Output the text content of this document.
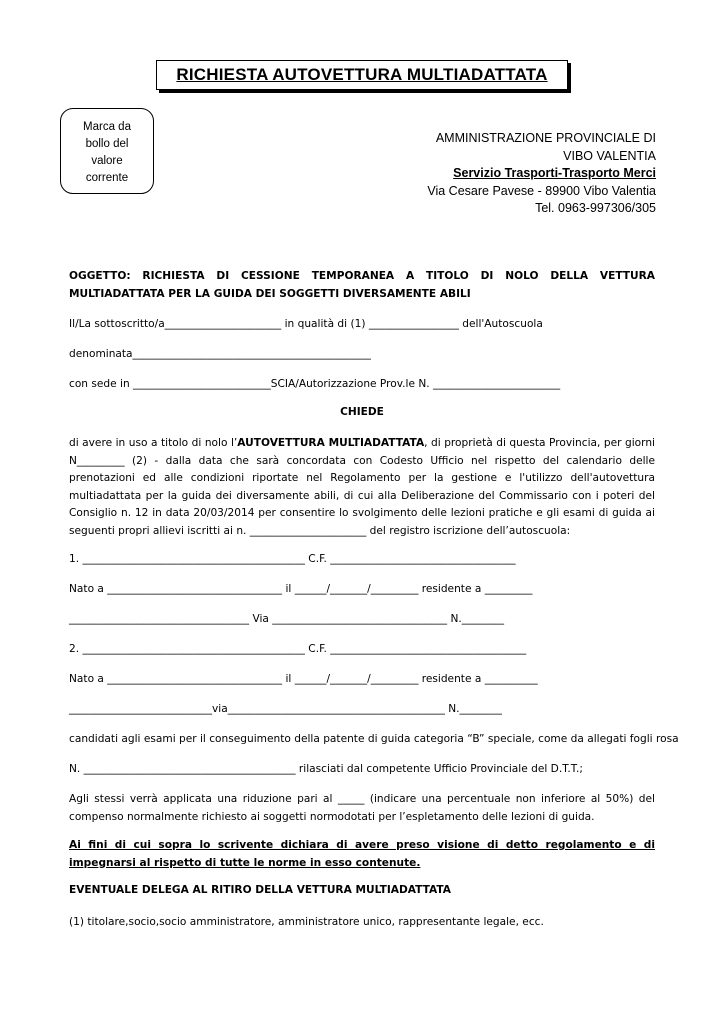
RICHIESTA AUTOVETTURA MULTIADATTATA
Marca da
bollo del
valore
corrente
AMMINISTRAZIONE PROVINCIALE DI
VIBO VALENTIA
Servizio Trasporti-Trasporto Merci
Via Cesare Pavese - 89900 Vibo Valentia
Tel. 0963-997306/305
OGGETTO: RICHIESTA DI CESSIONE TEMPORANEA A TITOLO DI NOLO DELLA VETTURA
MULTIADATTATA PER LA GUIDA DEI SOGGETTI DIVERSAMENTE ABILI
Il/La sottoscritto/a______________________ in qualità di (1) _________________ dell'Autoscuola
denominata_____________________________________________
con sede in __________________________SCIA/Autorizzazione Prov.le N. ________________________
CHIEDE
di avere in uso a titolo di nolo l’AUTOVETTURA MULTIADATTATA, di proprietà di questa Provincia, per giorni N_________ (2) - dalla data che sarà concordata con Codesto Ufficio nel rispetto del calendario delle prenotazioni ed alle condizioni riportate nel Regolamento per la gestione e l'utilizzo dell'autovettura multiadattata per la guida dei diversamente abili, di cui alla Deliberazione del Commissario con i poteri del Consiglio n. 12 in data 20/03/2014 per consentire lo svolgimento delle lezioni pratiche e gli esami di guida ai seguenti propri allievi iscritti ai n. ______________________ del registro iscrizione dell’autoscuola:
1. __________________________________________ C.F. ___________________________________
Nato a _________________________________ il ______/_______/_________ residente a _________
__________________________________ Via _________________________________ N.________
2. __________________________________________ C.F. _____________________________________
Nato a _________________________________ il ______/_______/_________ residente a __________
___________________________via_________________________________________ N.________
candidati agli esami per il conseguimento della patente di guida categoria “B” speciale, come da allegati fogli rosa
N. ________________________________________ rilasciati dal competente Ufficio Provinciale del D.T.T.;
Agli stessi verrà applicata una riduzione pari al _____ (indicare una percentuale non inferiore al 50%) del compenso normalmente richiesto ai soggetti normodotati per l’espletamento delle lezioni di guida.
Ai fini di cui sopra lo scrivente dichiara di avere preso visione di detto regolamento e di impegnarsi al rispetto di tutte le norme in esso contenute.
EVENTUALE DELEGA AL RITIRO DELLA VETTURA MULTIADATTATA
(1) titolare,socio,socio amministratore, amministratore unico, rappresentante legale, ecc.
